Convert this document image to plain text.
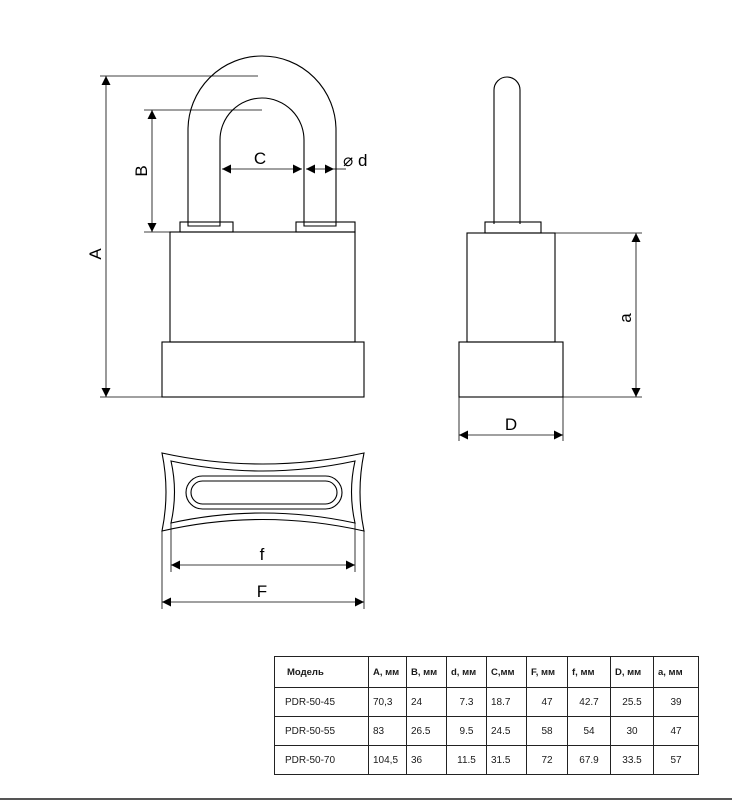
A
B
C	⌀ d
a
D
f
F
Модель	A, мм	B, мм	d, мм	C,мм	F, мм	f, мм	D, мм	a, мм
PDR-50-45	70,3	24	7.3	18.7	47	42.7	25.5	39
PDR-50-55	83	26.5	9.5	24.5	58	54	30	47
PDR-50-70	104,5	36	11.5	31.5	72	67.9	33.5	57
